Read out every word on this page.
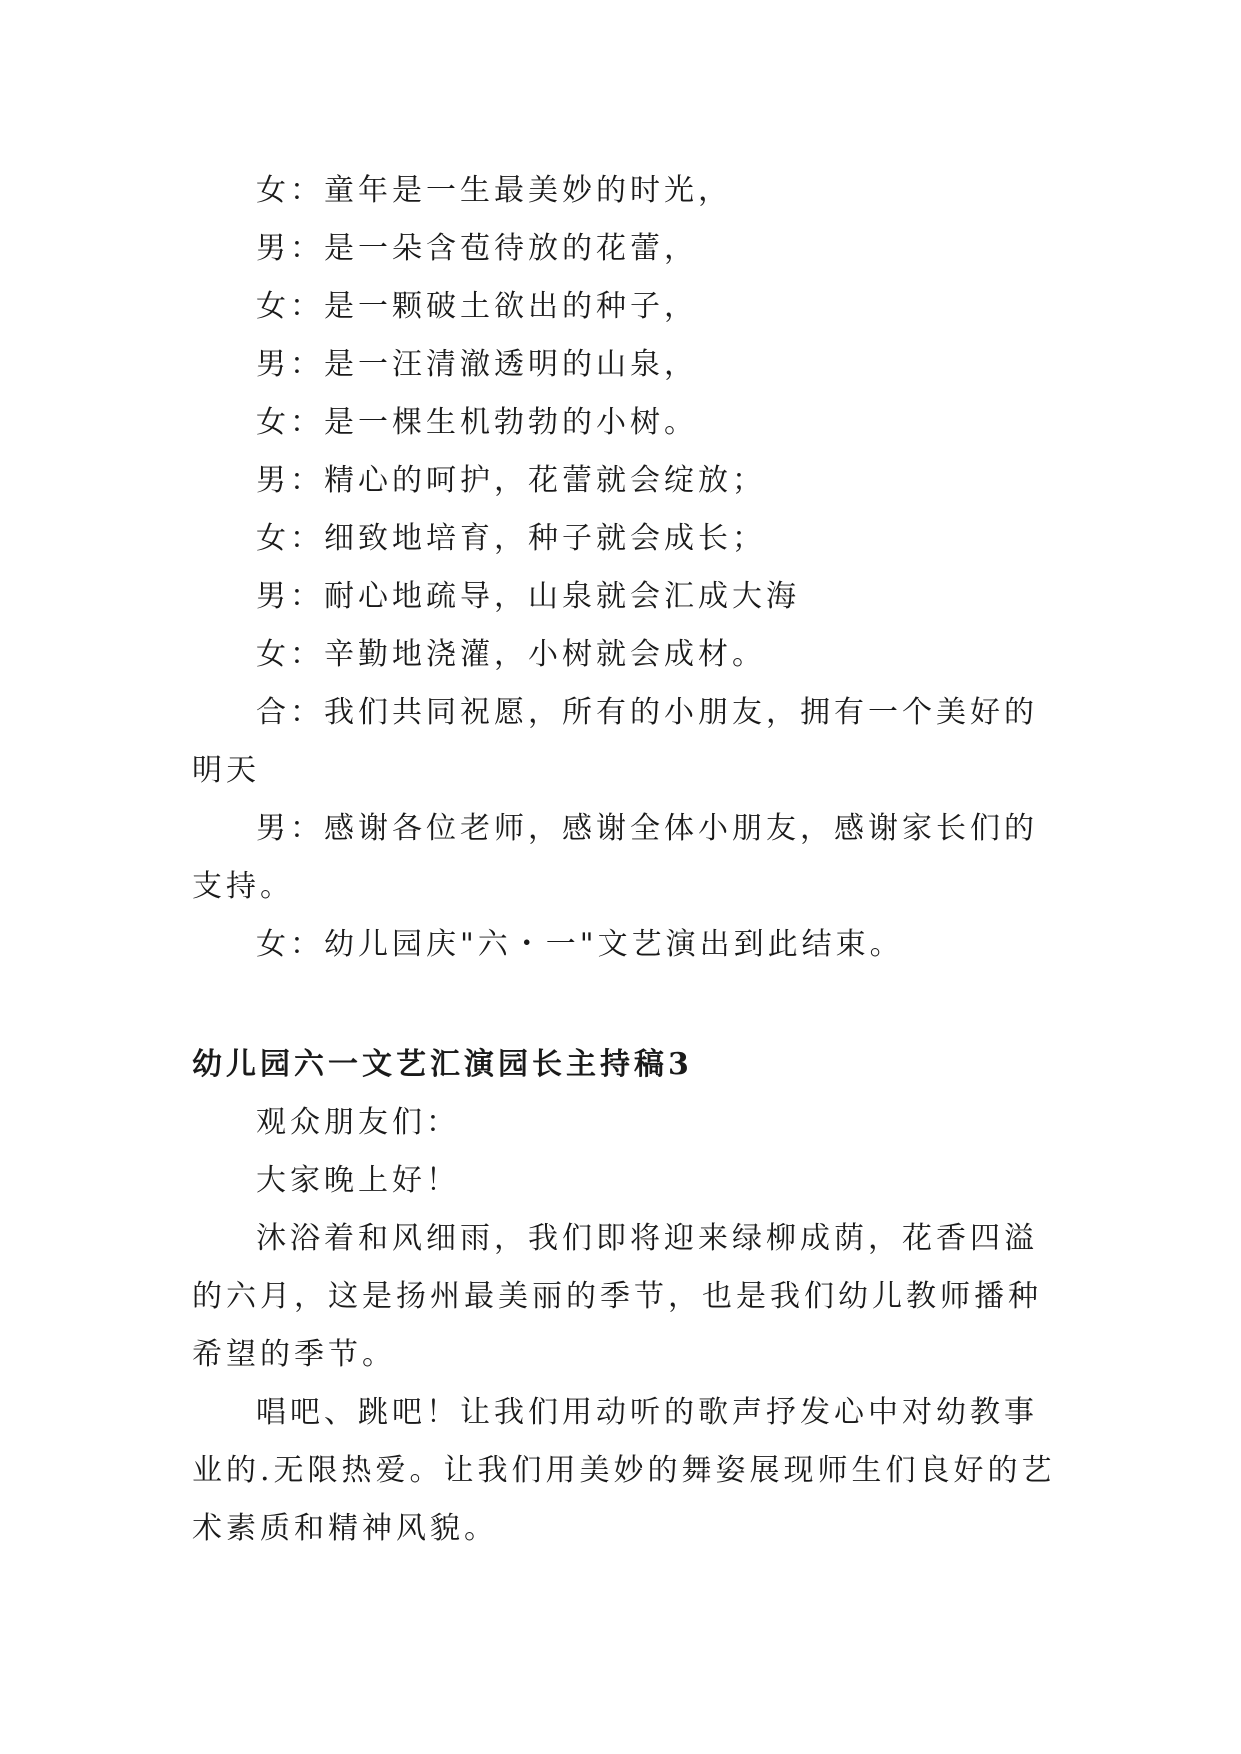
女：童年是一生最美妙的时光，

男：是一朵含苞待放的花蕾，

女：是一颗破土欲出的种子，

男：是一汪清澈透明的山泉，

女：是一棵生机勃勃的小树。

男：精心的呵护，花蕾就会绽放；

女：细致地培育，种子就会成长；

男：耐心地疏导，山泉就会汇成大海

女：辛勤地浇灌，小树就会成材。

合：我们共同祝愿，所有的小朋友，拥有一个美好的明天

男：感谢各位老师，感谢全体小朋友，感谢家长们的支持。

女：幼儿园庆"六・一"文艺演出到此结束。

幼儿园六一文艺汇演园长主持稿3

观众朋友们：

大家晚上好！

沐浴着和风细雨，我们即将迎来绿柳成荫，花香四溢的六月，这是扬州最美丽的季节，也是我们幼儿教师播种希望的季节。

唱吧、跳吧！让我们用动听的歌声抒发心中对幼教事业的.无限热爱。让我们用美妙的舞姿展现师生们良好的艺术素质和精神风貌。
